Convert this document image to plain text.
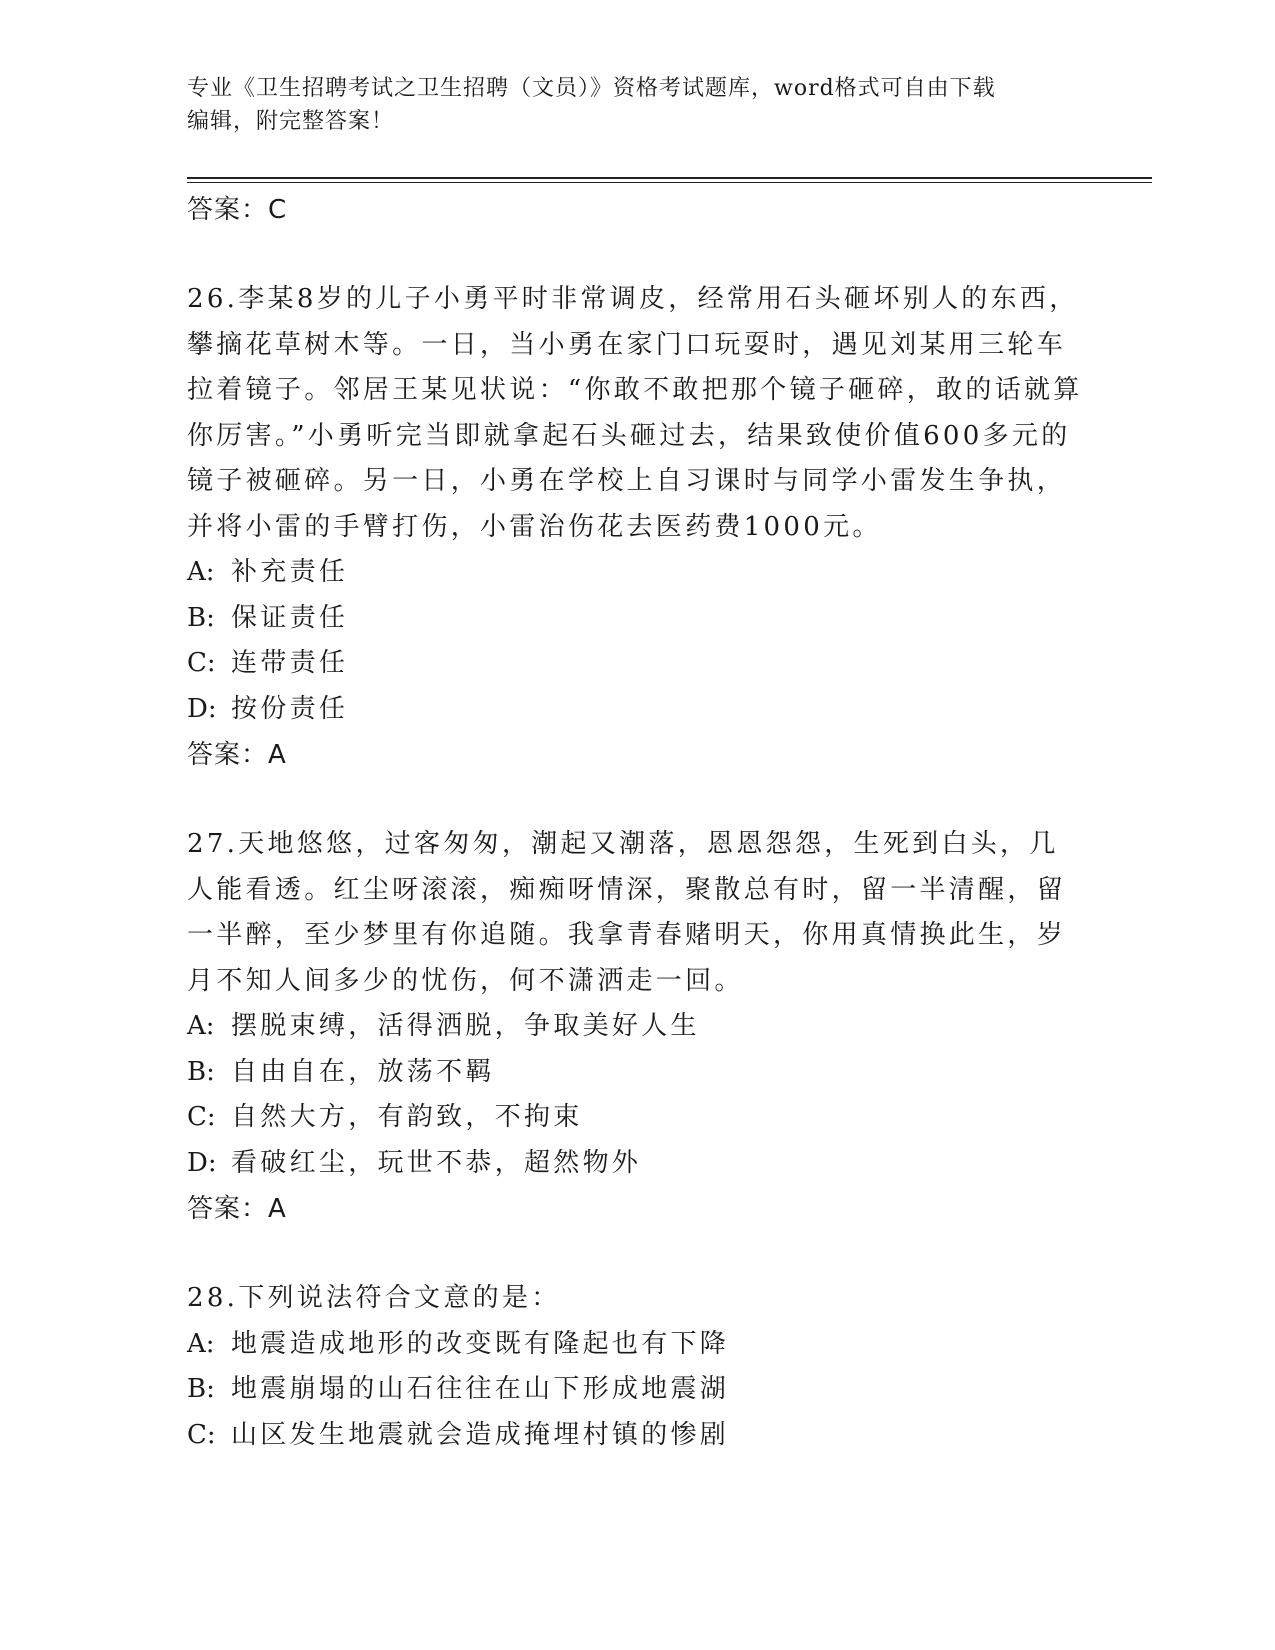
专业《卫生招聘考试之卫生招聘（文员）》资格考试题库，word格式可自由下载
编辑，附完整答案！
答案：C

26.李某8岁的儿子小勇平时非常调皮，经常用石头砸坏别人的东西，攀摘花草树木等。一日，当小勇在家门口玩耍时，遇见刘某用三轮车拉着镜子。邻居王某见状说：“你敢不敢把那个镜子砸碎，敢的话就算你厉害。”小勇听完当即就拿起石头砸过去，结果致使价值600多元的镜子被砸碎。另一日，小勇在学校上自习课时与同学小雷发生争执，并将小雷的手臂打伤，小雷治伤花去医药费1000元。

A: 补充责任
B: 保证责任
C: 连带责任
D: 按份责任
答案：A

27.天地悠悠，过客匆匆，潮起又潮落，恩恩怨怨，生死到白头，几人能看透。红尘呀滚滚，痴痴呀情深，聚散总有时，留一半清醒，留一半醉，至少梦里有你追随。我拿青春赌明天，你用真情换此生，岁月不知人间多少的忧伤，何不潇洒走一回。

A: 摆脱束缚，活得洒脱，争取美好人生
B: 自由自在，放荡不羁
C: 自然大方，有韵致，不拘束
D: 看破红尘，玩世不恭，超然物外
答案：A

28.下列说法符合文意的是：

A: 地震造成地形的改变既有隆起也有下降
B: 地震崩塌的山石往往在山下形成地震湖
C: 山区发生地震就会造成掩埋村镇的惨剧
